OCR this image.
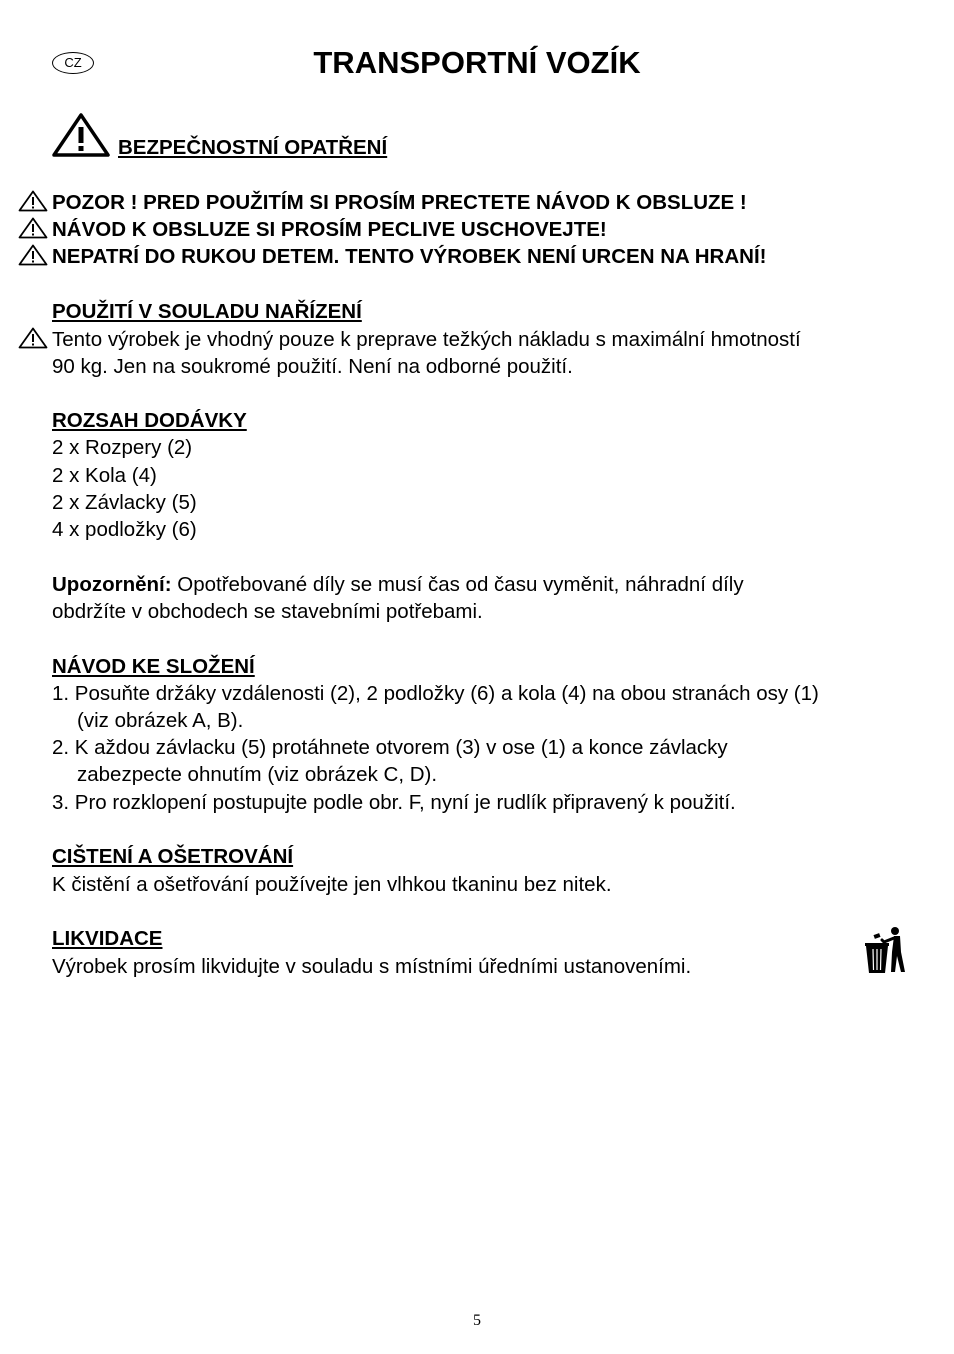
CZ	TRANSPORTNÍ VOZÍK
BEZPEČNOSTNÍ OPATŘENÍ
POZOR ! PRED POUŽITÍM SI PROSÍM PRECTETE NÁVOD K OBSLUZE !
NÁVOD K OBSLUZE SI PROSÍM PECLIVE USCHOVEJTE!
NEPATRÍ DO RUKOU DETEM. TENTO VÝROBEK NENÍ URCEN NA HRANÍ!
POUŽITÍ V SOULADU NAŘÍZENÍ
Tento výrobek je vhodný pouze k preprave težkých nákladu s maximální hmotností
90 kg. Jen na soukromé použití. Není na odborné použití.
ROZSAH DODÁVKY
2 x Rozpery (2)
2 x Kola (4)
2 x Závlacky (5)
4 x podložky (6)
Upozornění: Opotřebované díly se musí čas od času vyměnit, náhradní díly
obdržíte v obchodech se stavebními potřebami.
NÁVOD KE SLOŽENÍ
1. Posuňte držáky vzdálenosti (2), 2 podložky (6) a kola (4) na obou stranách osy (1)
(viz obrázek A, B).
2. K aždou závlacku (5) protáhnete otvorem (3) v ose (1) a konce závlacky
zabezpecte ohnutím (viz obrázek C, D).
3. Pro rozklopení postupujte podle obr. F, nyní je rudlík připravený k použití.
CIŠTENÍ A OŠETROVÁNÍ
K čistění a ošetřování používejte jen vlhkou tkaninu bez nitek.
LIKVIDACE
Výrobek prosím likvidujte v souladu s místními úředními ustanoveními.
5
